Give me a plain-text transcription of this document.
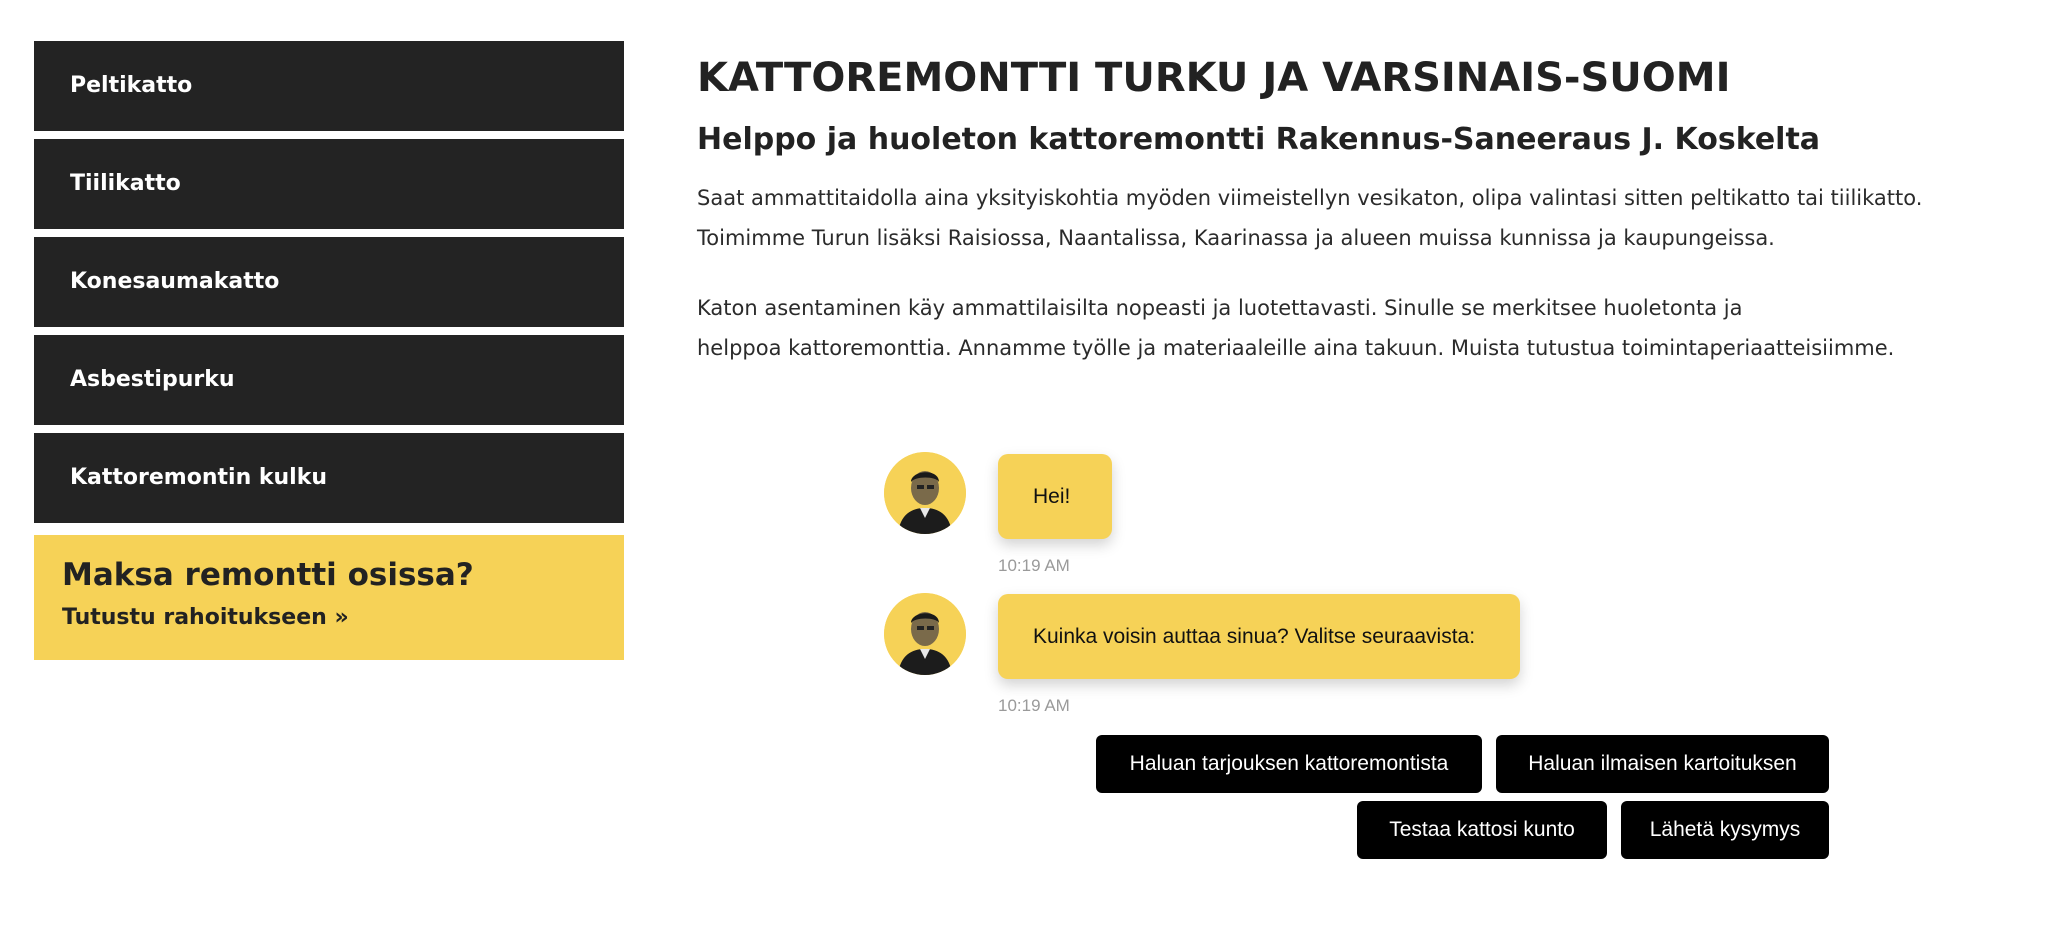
Peltikatto
Tiilikatto
Konesaumakatto
Asbestipurku
Kattoremontin kulku
Maksa remontti osissa?
Tutustu rahoitukseen »
KATTOREMONTTI TURKU JA VARSINAIS-SUOMI
Helppo ja huoleton kattoremontti Rakennus-Saneeraus J. Koskelta

Saat ammattitaidolla aina yksityiskohtia myöden viimeistellyn vesikaton, olipa valintasi sitten peltikatto tai tiilikatto.

Toimimme Turun lisäksi Raisiossa, Naantalissa, Kaarinassa ja alueen muissa kunnissa ja kaupungeissa.

Katon asentaminen käy ammattilaisilta nopeasti ja luotettavasti. Sinulle se merkitsee huoletonta ja

helppoa kattoremonttia. Annamme työlle ja materiaaleille aina takuun. Muista tutustua toimintaperiaatteisiimme.

Hei!
10:19 AM
Kuinka voisin auttaa sinua? Valitse seuraavista:
10:19 AM
Haluan tarjouksen kattoremontista	Haluan ilmaisen kartoituksen
Testaa kattosi kunto	Lähetä kysymys
